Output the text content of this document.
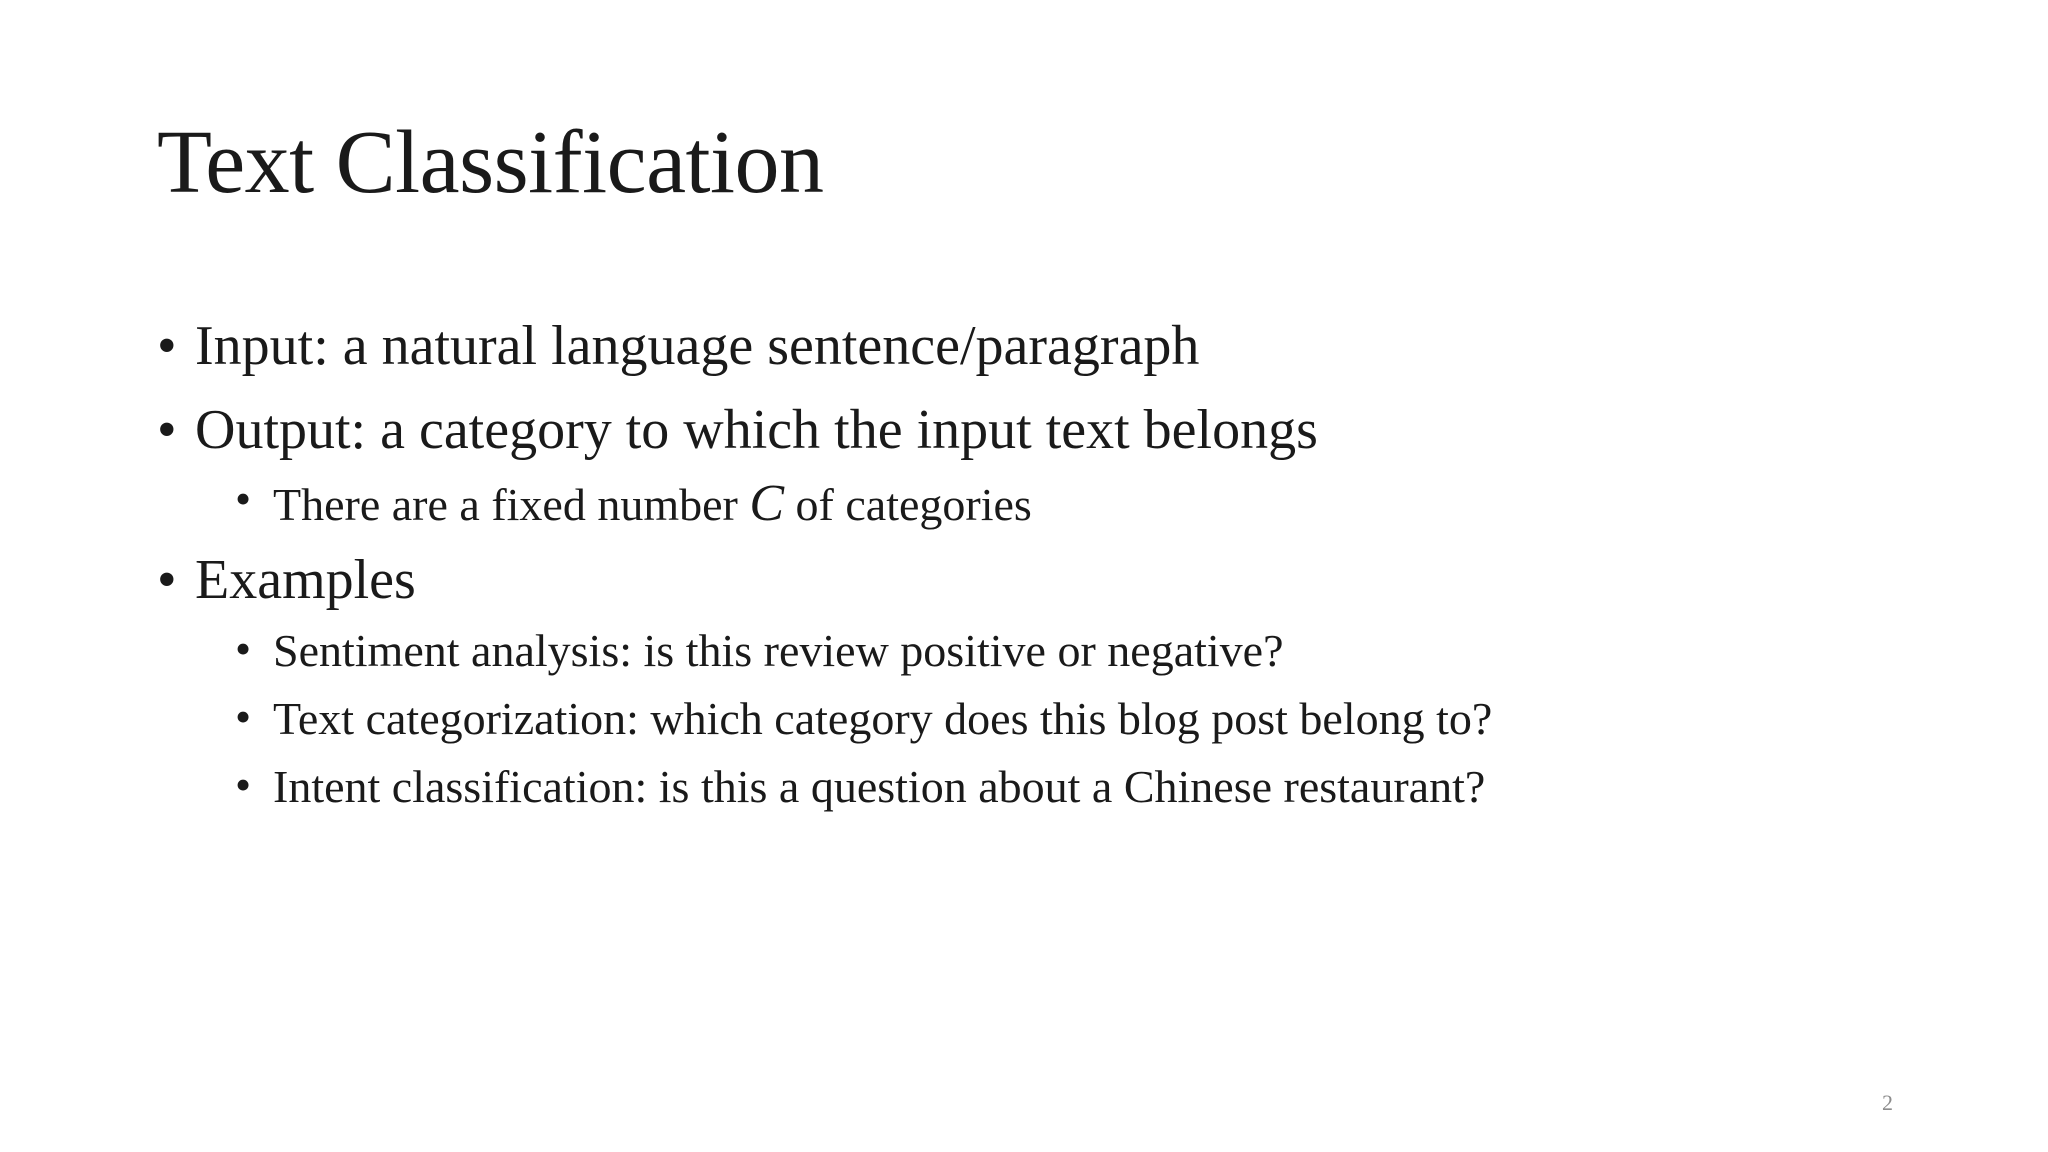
Text Classification
• Input: a natural language sentence/paragraph
• Output: a category to which the input text belongs
• There are a fixed number C of categories
• Examples
• Sentiment analysis: is this review positive or negative?
• Text categorization: which category does this blog post belong to?
• Intent classification: is this a question about a Chinese restaurant?
2
